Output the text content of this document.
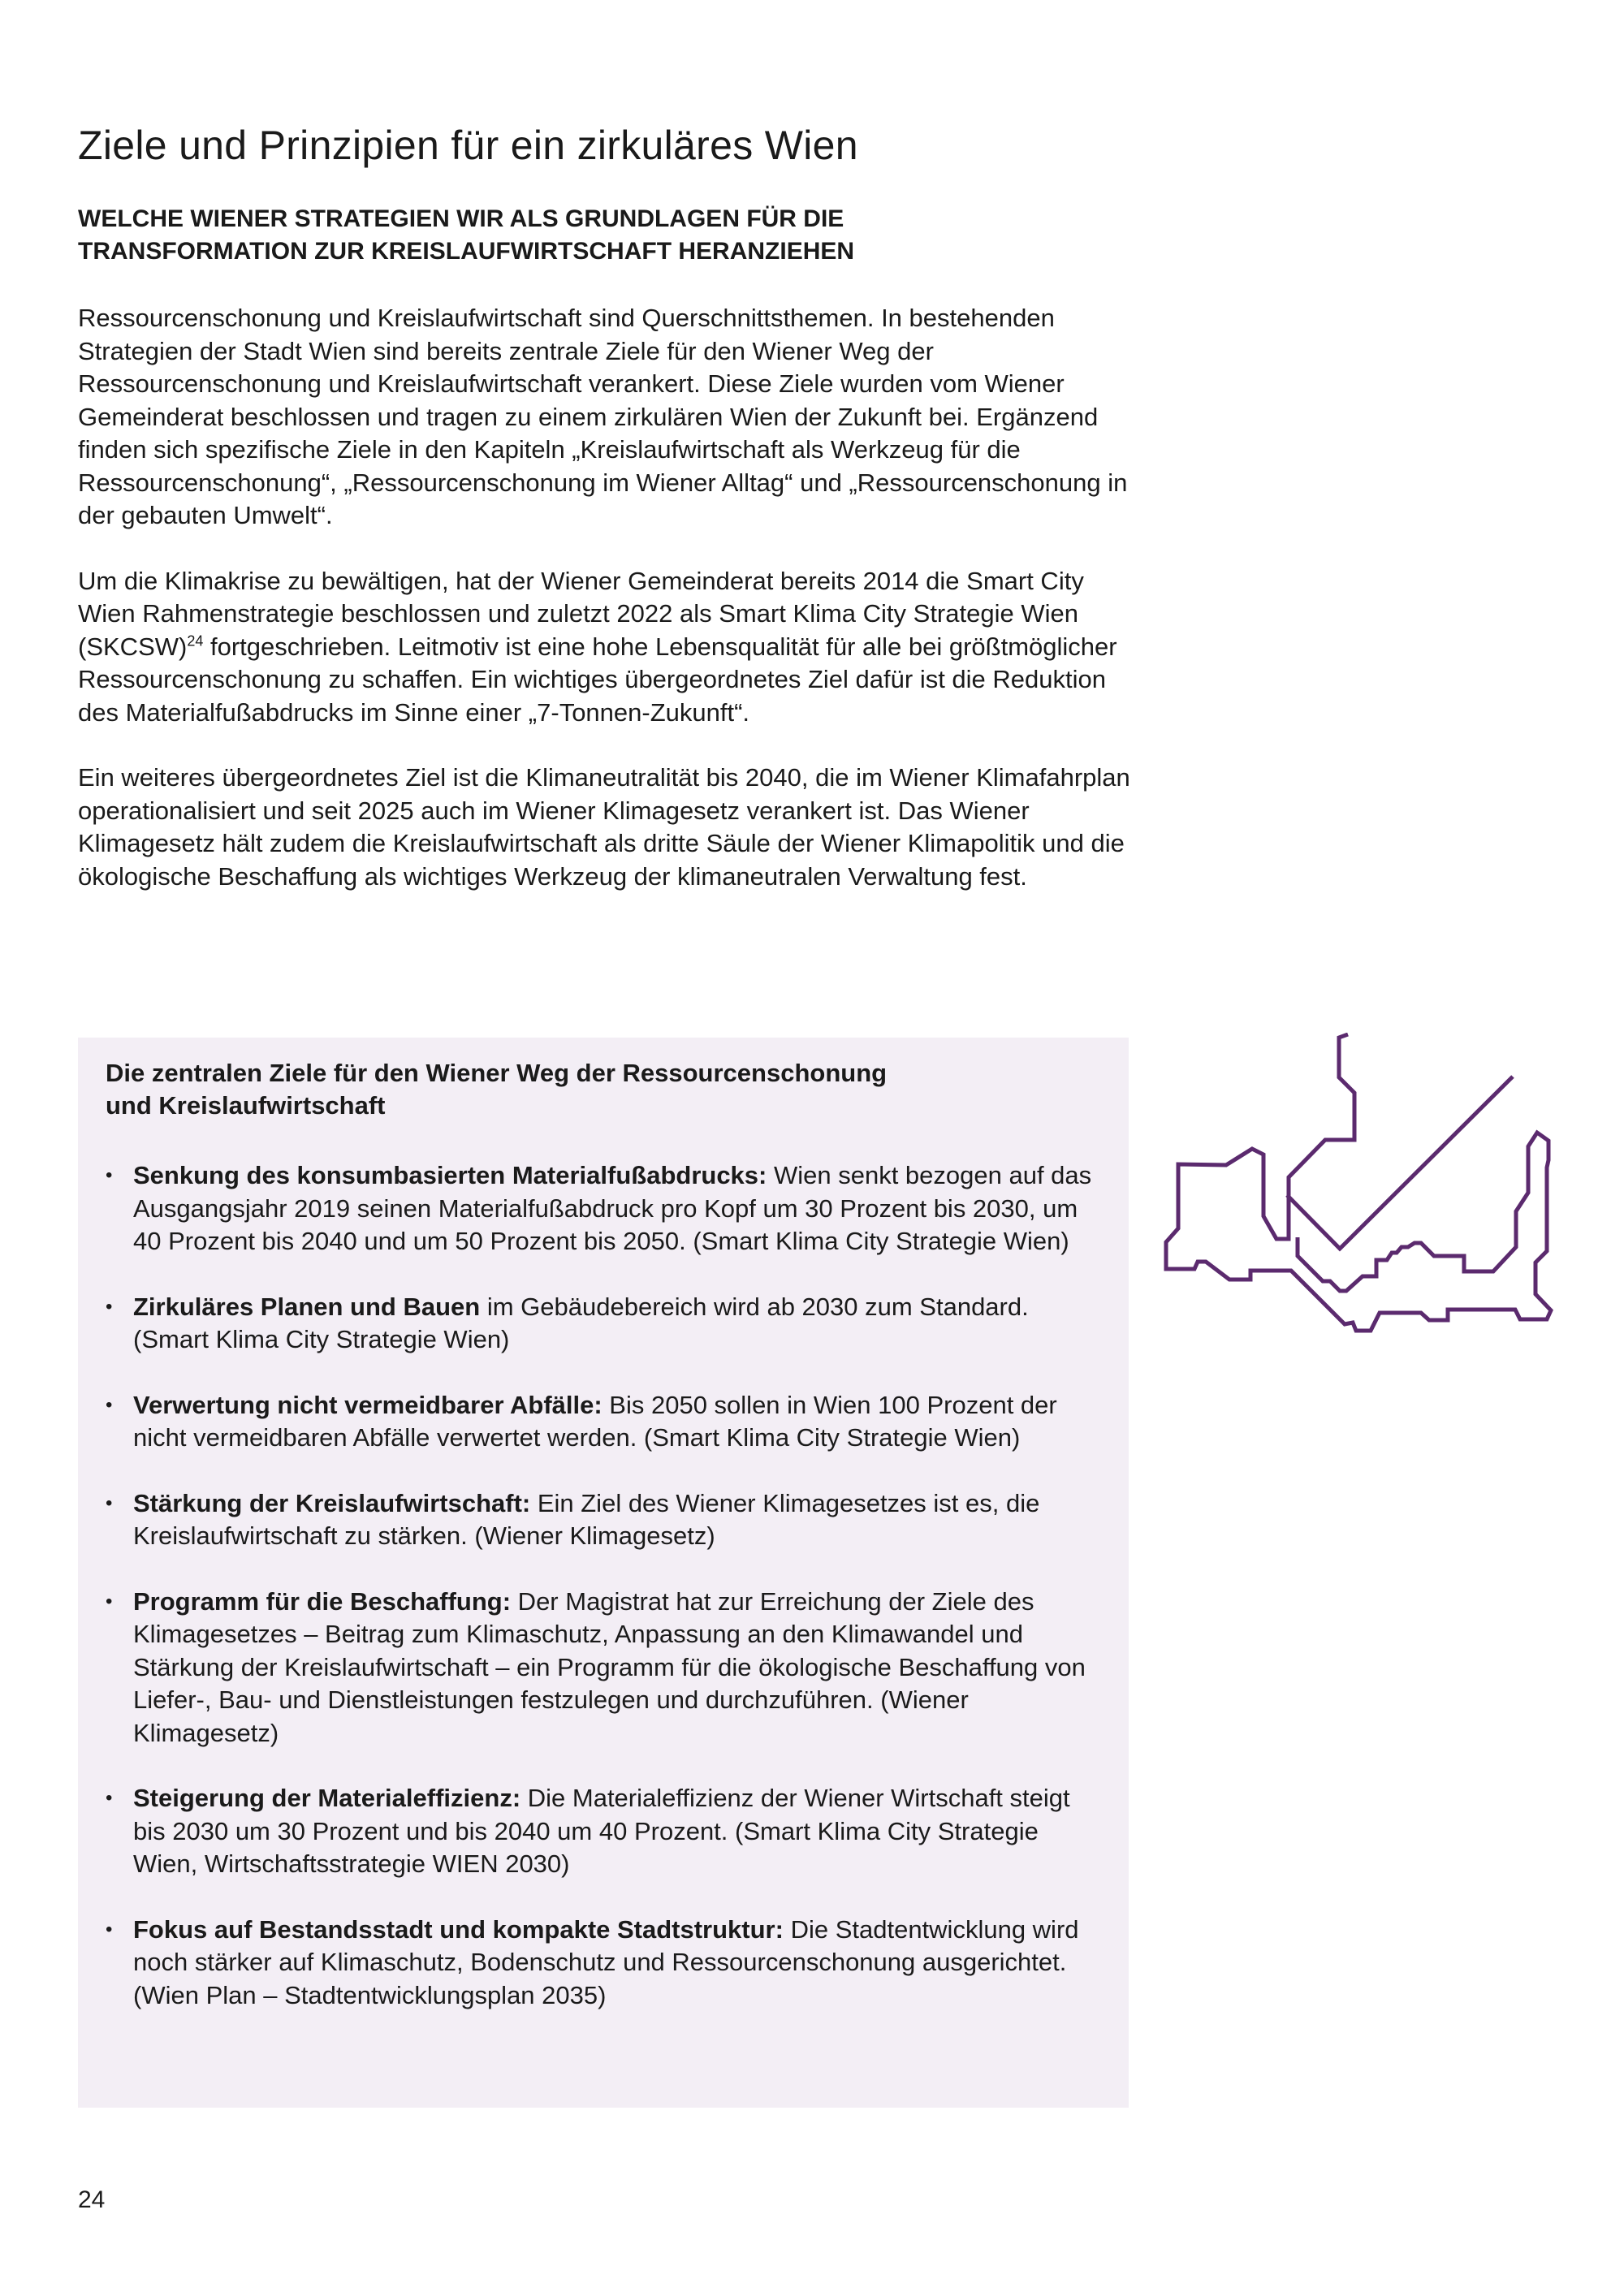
Ziele und Prinzipien für ein zirkuläres Wien
WELCHE WIENER STRATEGIEN WIR ALS GRUNDLAGEN FÜR DIE
TRANSFORMATION ZUR KREISLAUFWIRTSCHAFT HERANZIEHEN

Ressourcenschonung und Kreislaufwirtschaft sind Querschnittsthemen. In bestehenden Strategien der Stadt Wien sind bereits zentrale Ziele für den Wiener Weg der Ressourcenschonung und Kreislaufwirtschaft verankert. Diese Ziele wurden vom Wiener Gemeinderat beschlossen und tragen zu einem zirkulären Wien der Zukunft bei. Ergänzend finden sich spezifische Ziele in den Kapiteln „Kreislaufwirtschaft als Werkzeug für die Ressourcenschonung“, „Ressourcenschonung im Wiener Alltag“ und „Ressourcenschonung in der gebauten Umwelt“.

Um die Klimakrise zu bewältigen, hat der Wiener Gemeinderat bereits 2014 die Smart City Wien Rahmenstrategie beschlossen und zuletzt 2022 als Smart Klima City Strategie Wien (SKCSW)$^{24}$ fortgeschrieben. Leitmotiv ist eine hohe Lebensqualität für alle bei größtmöglicher Ressourcenschonung zu schaffen. Ein wichtiges übergeordnetes Ziel dafür ist die Reduktion des Materialfußabdrucks im Sinne einer „7-Tonnen-Zukunft“.

Ein weiteres übergeordnetes Ziel ist die Klimaneutralität bis 2040, die im Wiener Klimafahrplan operationalisiert und seit 2025 auch im Wiener Klimagesetz verankert ist. Das Wiener Klimagesetz hält zudem die Kreislaufwirtschaft als dritte Säule der Wiener Klimapolitik und die ökologische Beschaffung als wichtiges Werkzeug der klimaneutralen Verwaltung fest.

Die zentralen Ziele für den Wiener Weg der Ressourcenschonung
und Kreislaufwirtschaft
• Senkung des konsumbasierten Materialfußabdrucks: Wien senkt bezogen auf das Ausgangsjahr 2019 seinen Materialfußabdruck pro Kopf um 30 Prozent bis 2030, um 40 Prozent bis 2040 und um 50 Prozent bis 2050. (Smart Klima City Strategie Wien)
• Zirkuläres Planen und Bauen im Gebäudebereich wird ab 2030 zum Standard. (Smart Klima City Strategie Wien)
• Verwertung nicht vermeidbarer Abfälle: Bis 2050 sollen in Wien 100 Prozent der nicht vermeidbaren Abfälle verwertet werden. (Smart Klima City Strategie Wien)
• Stärkung der Kreislaufwirtschaft: Ein Ziel des Wiener Klimagesetzes ist es, die Kreislaufwirtschaft zu stärken. (Wiener Klimagesetz)
• Programm für die Beschaffung: Der Magistrat hat zur Erreichung der Ziele des Klimagesetzes – Beitrag zum Klimaschutz, Anpassung an den Klimawandel und Stärkung der Kreislaufwirtschaft – ein Programm für die ökologische Beschaffung von Liefer-, Bau- und Dienstleistungen festzulegen und durchzuführen. (Wiener Klimagesetz)
• Steigerung der Materialeffizienz: Die Materialeffizienz der Wiener Wirtschaft steigt bis 2030 um 30 Prozent und bis 2040 um 40 Prozent. (Smart Klima City Strategie Wien, Wirtschaftsstrategie WIEN 2030)
• Fokus auf Bestandsstadt und kompakte Stadtstruktur: Die Stadtentwicklung wird noch stärker auf Klimaschutz, Bodenschutz und Ressourcenschonung ausgerichtet. (Wien Plan – Stadtentwicklungsplan 2035)

24
